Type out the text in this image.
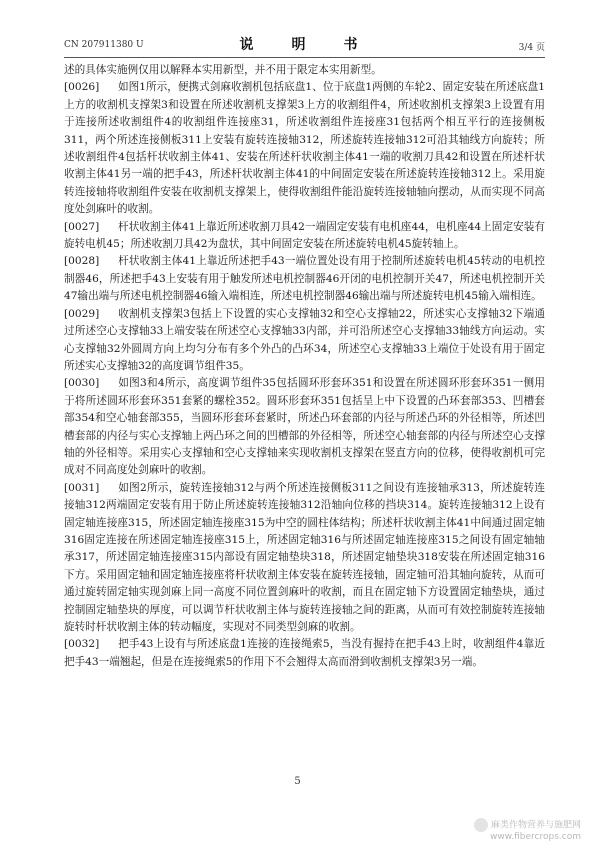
CN 207911380 U	说　明　书	3/4 页

述的具体实施例仅用以解释本实用新型，并不用于限定本实用新型。

[0026] 如图1所示，便携式剑麻收割机包括底盘1、位于底盘1两侧的车轮2、固定安装在所述底盘1上方的收割机支撑架3和设置在所述收割机支撑架3上方的收割组件4，所述收割机支撑架3上设置有用于连接所述收割组件4的收割组件连接座31，所述收割组件连接座31包括两个相互平行的连接侧板311，两个所述连接侧板311上安装有旋转连接轴312，所述旋转连接轴312可沿其轴线方向旋转；所述收割组件4包括杆状收割主体41、安装在所述杆状收割主体41一端的收割刀具42和设置在所述杆状收割主体41另一端的把手43，所述杆状收割主体41的中间固定安装在所述旋转连接轴312上。采用旋转连接轴将收割组件安装在收割机支撑架上，使得收割组件能沿旋转连接轴轴向摆动，从而实现不同高度处剑麻叶的收割。

[0027] 杆状收割主体41上靠近所述收割刀具42一端固定安装有电机座44，电机座44上固定安装有旋转电机45；所述收割刀具42为盘状，其中间固定安装在所述旋转电机45旋转轴上。

[0028] 杆状收割主体41上靠近所述把手43一端位置处设有用于控制所述旋转电机45转动的电机控制器46，所述把手43上安装有用于触发所述电机控制器46开闭的电机控制开关47，所述电机控制开关47输出端与所述电机控制器46输入端相连，所述电机控制器46输出端与所述旋转电机45输入端相连。

[0029] 收割机支撑架3包括上下设置的实心支撑轴32和空心支撑轴22，所述实心支撑轴32下端通过所述空心支撑轴33上端安装在所述空心支撑轴33内部，并可沿所述空心支撑轴33轴线方向运动。实心支撑轴32外圆周方向上均匀分布有多个外凸的凸环34，所述空心支撑轴33上端位于处设有用于固定所述实心支撑轴32的高度调节组件35。

[0030] 如图3和4所示，高度调节组件35包括圆环形套环351和设置在所述圆环形套环351一侧用于将所述圆环形套环351套紧的螺栓352。圆环形套环351包括呈上中下设置的凸环套部353、凹槽套部354和空心轴套部355，当圆环形套环套紧时，所述凸环套部的内径与所述凸环的外径相等，所述凹槽套部的内径与实心支撑轴上两凸环之间的凹槽部的外径相等，所述空心轴套部的内径与所述空心支撑轴的外径相等。采用实心支撑轴和空心支撑轴来实现收割机支撑架在竖直方向的位移，使得收割机可完成对不同高度处剑麻叶的收割。

[0031] 如图2所示，旋转连接轴312与两个所述连接侧板311之间设有连接轴承313，所述旋转连接轴312两端固定安装有用于防止所述旋转连接轴312沿轴向位移的挡块314。旋转连接轴312上设有固定轴连接座315，所述固定轴连接座315为中空的圆柱体结构；所述杆状收割主体41中间通过固定轴316固定连接在所述固定轴连接座315上，所述固定轴316与所述固定轴连接座315之间设有固定轴轴承317，所述固定轴连接座315内部设有固定轴垫块318，所述固定轴垫块318安装在所述固定轴316下方。采用固定轴和固定轴连接座将杆状收割主体安装在旋转连接轴，固定轴可沿其轴向旋转，从而可通过旋转固定轴实现剑麻上同一高度不同位置剑麻叶的收割，而且在固定轴下方设置固定轴垫块，通过控制固定轴垫块的厚度，可以调节杆状收割主体与旋转连接轴之间的距离，从而可有效控制旋转连接轴旋转时杆状收割主体的转动幅度，实现对不同类型剑麻的收割。

[0032] 把手43上设有与所述底盘1连接的连接绳索5，当没有握持在把手43上时，收割组件4靠近把手43一端翘起，但是在连接绳索5的作用下不会翘得太高而滑到收割机支撑架3另一端。

5
麻类作物营养与施肥网
www.fibercrops.com
